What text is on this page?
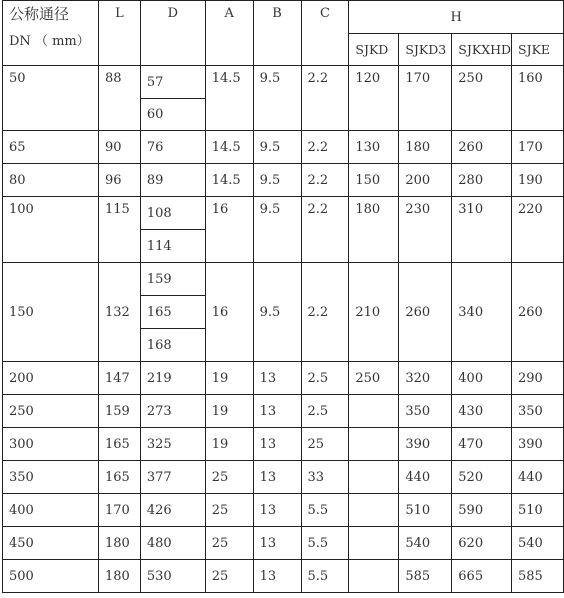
公称通径
DN （ mm）	L	D	A	B	C	H			
						SJKD	SJKD3	SJKXHD	SJKE
50	88	57	14.5	9.5	2.2	120	170	250	160
		60							
65	90	76	14.5	9.5	2.2	130	180	260	170
80	96	89	14.5	9.5	2.2	150	200	280	190
100	115	108	16	9.5	2.2	180	230	310	220
		114							
150	132	159	16	9.5	2.2	210	260	340	260
		165							
		168							
200	147	219	19	13	2.5	250	320	400	290
250	159	273	19	13	2.5		350	430	350
300	165	325	19	13	25		390	470	390
350	165	377	25	13	33		440	520	440
400	170	426	25	13	5.5		510	590	510
450	180	480	25	13	5.5		540	620	540
500	180	530	25	13	5.5		585	665	585
